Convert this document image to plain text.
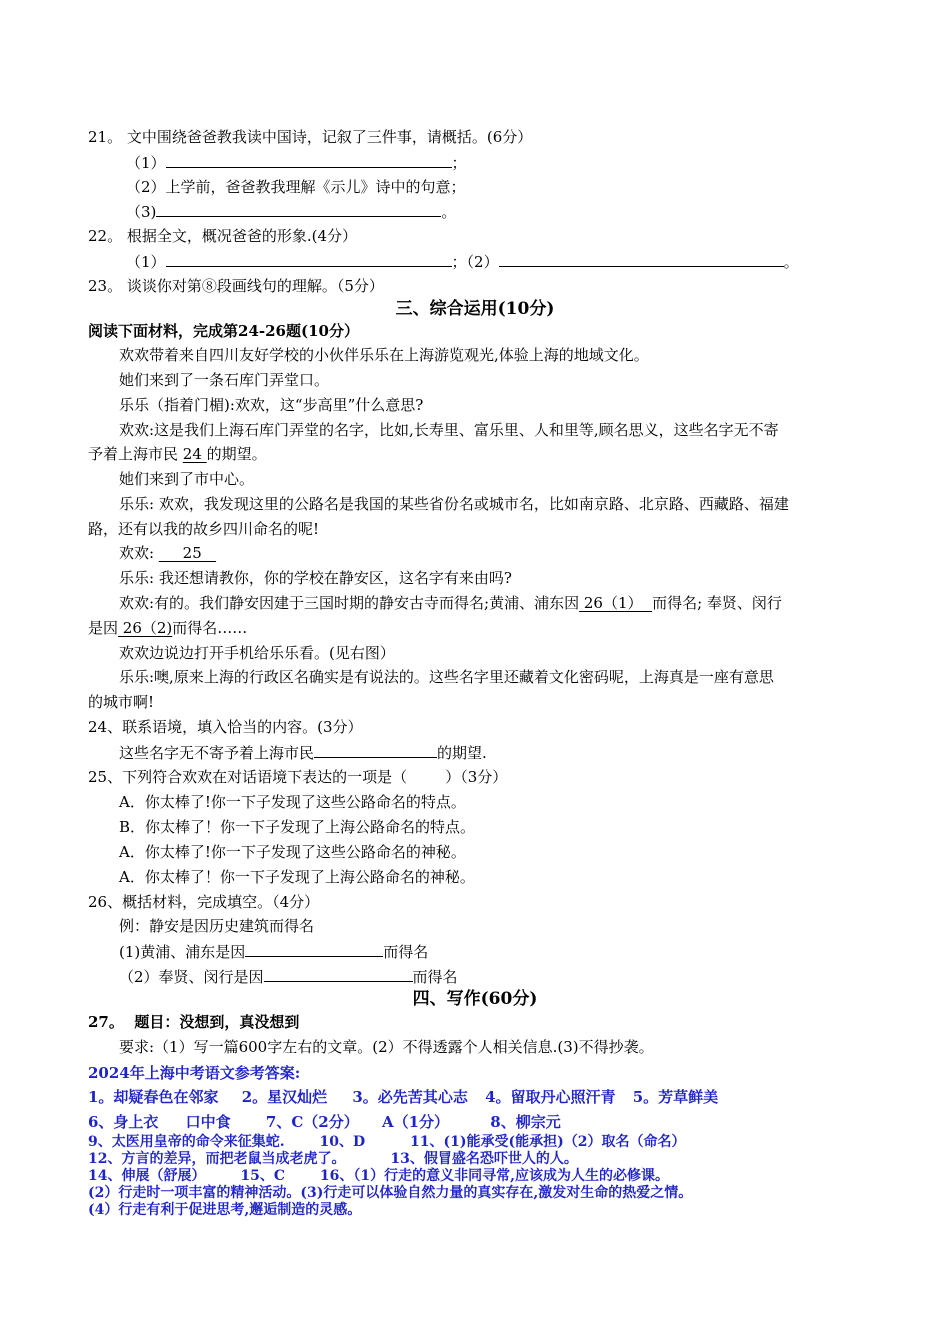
21。 文中围绕爸爸教我读中国诗，记叙了三件事，请概括。(6分）
（1）	；
（2）上学前，爸爸教我理解《示儿》诗中的句意；
（3)	。
22。 根据全文，概况爸爸的形象.(4分）
（1）	；（2）	。
23。 谈谈你对第⑧段画线句的理解。（5分）
三、综合运用(10分)
阅读下面材料，完成第24-26题(10分）
欢欢带着来自四川友好学校的小伙伴乐乐在上海游览观光,体验上海的地域文化。
她们来到了一条石库门弄堂口。
乐乐（指着门楣):欢欢，这“步高里”什么意思?
欢欢:这是我们上海石库门弄堂的名字，比如,长寿里、富乐里、人和里等,顾名思义，这些名字无不寄
予着上海市民 24 的期望。
她们来到了市中心。
乐乐: 欢欢，我发现这里的公路名是我国的某些省份名或城市名，比如南京路、北京路、西藏路、福建
路，还有以我的故乡四川命名的呢!
欢欢:      25
乐乐: 我还想请教你，你的学校在静安区，这名字有来由吗?
欢欢:有的。我们静安因建于三国时期的静安古寺而得名;黄浦、浦东因 26（1）  而得名; 奉贤、闵行
是因 26（2)而得名……
欢欢边说边打开手机给乐乐看。(见右图）
乐乐:噢,原来上海的行政区名确实是有说法的。这些名字里还藏着文化密码呢，上海真是一座有意思
的城市啊!
24、联系语境，填入恰当的内容。(3分）
这些名字无不寄予着上海市民	的期望.
25、下列符合欢欢在对话语境下表达的一项是（        ）（3分）
A．你太棒了!你一下子发现了这些公路命名的特点。
B．你太棒了！你一下子发现了上海公路命名的特点。
A．你太棒了!你一下子发现了这些公路命名的神秘。
A．你太棒了！你一下子发现了上海公路命名的神秘。
26、概括材料，完成填空。（4分）
例：静安是因历史建筑而得名
(1)黄浦、浦东是因	而得名
（2）奉贤、闵行是因	而得名
四、写作(60分)
27。  题目：没想到，真没想到
要求:（1）写一篇600字左右的文章。(2）不得透露个人相关信息.(3)不得抄袭。
2024年上海中考语文参考答案:
1。却疑春色在邻家 2。星汉灿烂 3。必先苦其心志 4。留取丹心照汗青 5。芳草鲜美
6、身上衣 口中食 7、C（2分） A（1分）	8、柳宗元
9、太医用皇帝的命令来征集蛇. 10、D	11、(1)能承受(能承担)（2）取名（命名）
12、方言的差异，而把老鼠当成老虎了。	13、假冒盛名恐吓世人的人。
14、伸展（舒展） 15、C 16、（1）行走的意义非同寻常,应该成为人生的必修课。
(2）行走时一项丰富的精神活动。(3)行走可以体验自然力量的真实存在,激发对生命的热爱之情。
(4）行走有利于促进思考,邂逅制造的灵感。
